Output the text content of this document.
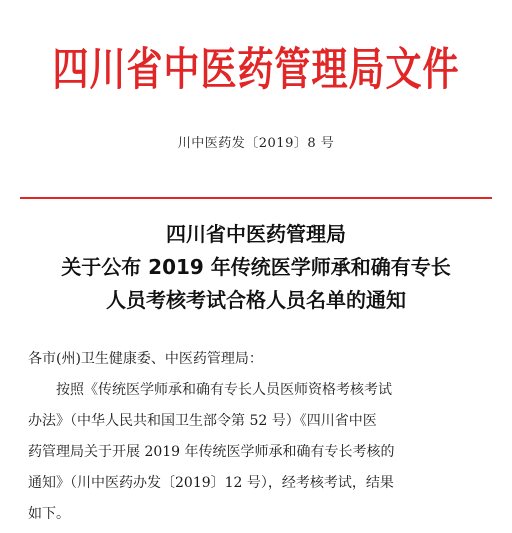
四川省中医药管理局文件
川中医药发〔2019〕8 号
四川省中医药管理局
关于公布 2019 年传统医学师承和确有专长
人员考核考试合格人员名单的通知
各市(州)卫生健康委、中医药管理局：
按照《传统医学师承和确有专长人员医师资格考核考试
办法》（中华人民共和国卫生部令第 52 号）《四川省中医
药管理局关于开展 2019 年传统医学师承和确有专长考核的
通知》（川中医药办发〔2019〕12 号），经考核考试，结果
如下。
